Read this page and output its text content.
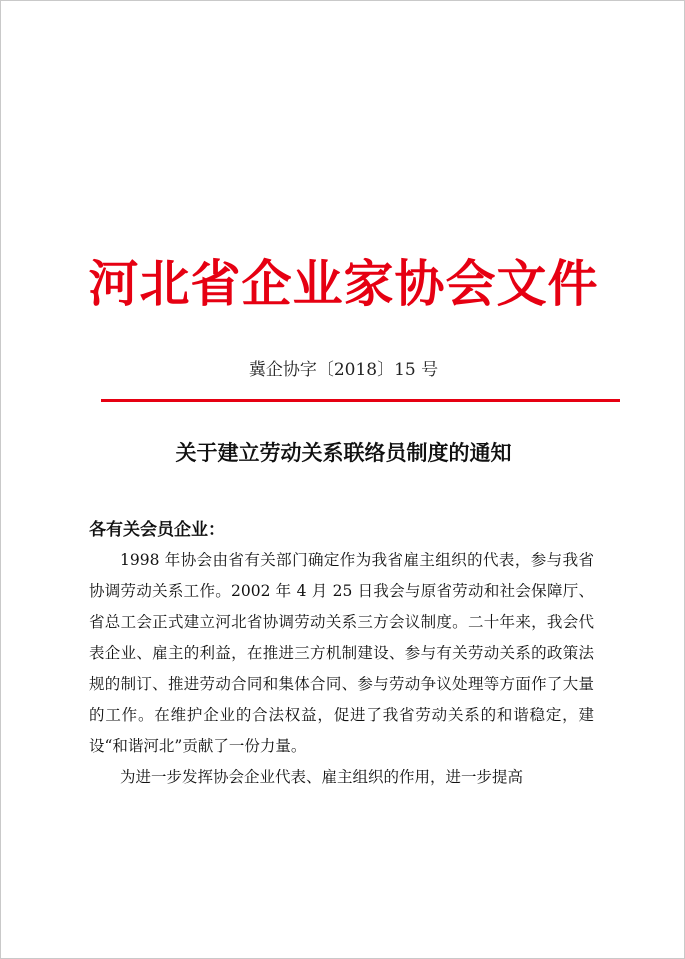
河北省企业家协会文件
冀企协字〔2018〕15 号
关于建立劳动关系联络员制度的通知
各有关会员企业：

1998 年协会由省有关部门确定作为我省雇主组织的代表，参与我省协调劳动关系工作。2002 年 4 月 25 日我会与原省劳动和社会保障厅、省总工会正式建立河北省协调劳动关系三方会议制度。二十年来，我会代表企业、雇主的利益，在推进三方机制建设、参与有关劳动关系的政策法规的制订、推进劳动合同和集体合同、参与劳动争议处理等方面作了大量的工作。在维护企业的合法权益，促进了我省劳动关系的和谐稳定，建设“和谐河北”贡献了一份力量。

为进一步发挥协会企业代表、雇主组织的作用，进一步提高
